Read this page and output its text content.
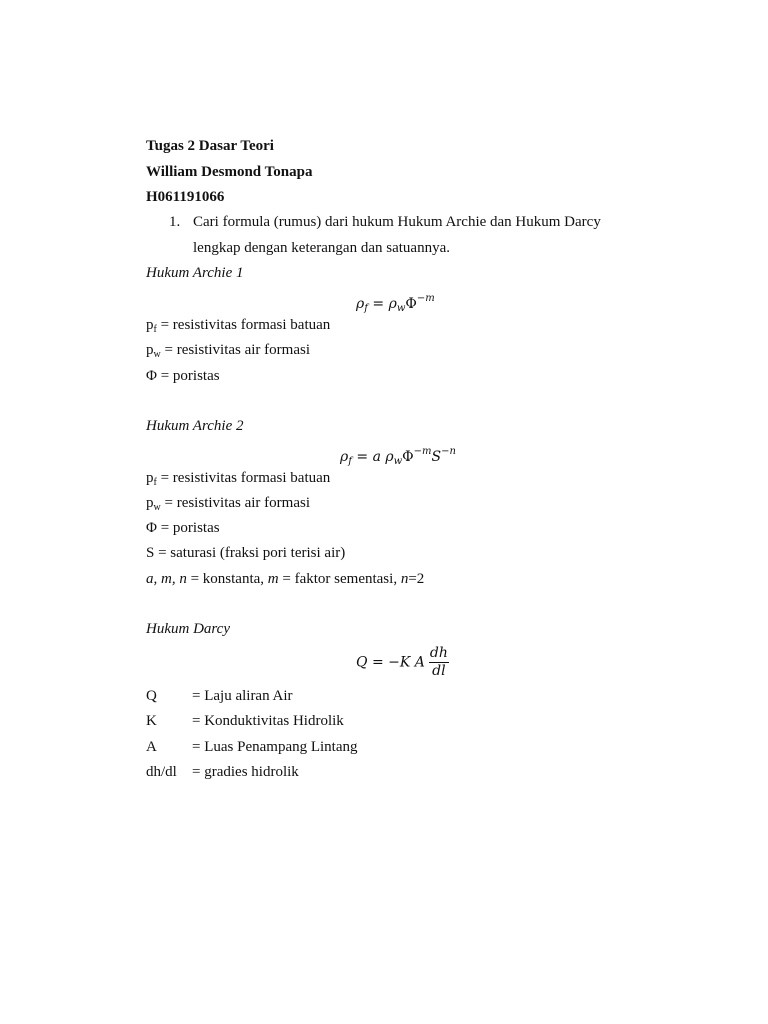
Tugas 2 Dasar Teori
William Desmond Tonapa
H061191066
1. Cari formula (rumus) dari hukum Hukum Archie dan Hukum Darcy
lengkap dengan keterangan dan satuannya.
Hukum Archie 1
$\rho_f = \rho_w\Phi^{-m}$
$p_f$ = resistivitas formasi batuan
$p_w$ = resistivitas air formasi
Φ = poristas
Hukum Archie 2
$\rho_f = a$ $\rho_w\Phi^{-m}S^{-n}$
$p_f$ = resistivitas formasi batuan
$p_w$ = resistivitas air formasi
Φ = poristas
S = saturasi (fraksi pori terisi air)
a, m, n = konstanta, m = faktor sementasi, n=2
Hukum Darcy
Q = −K A $\frac{dh}{dl}$
Q = Laju aliran Air
K = Konduktivitas Hidrolik
A = Luas Penampang Lintang
dh/dl = gradies hidrolik
